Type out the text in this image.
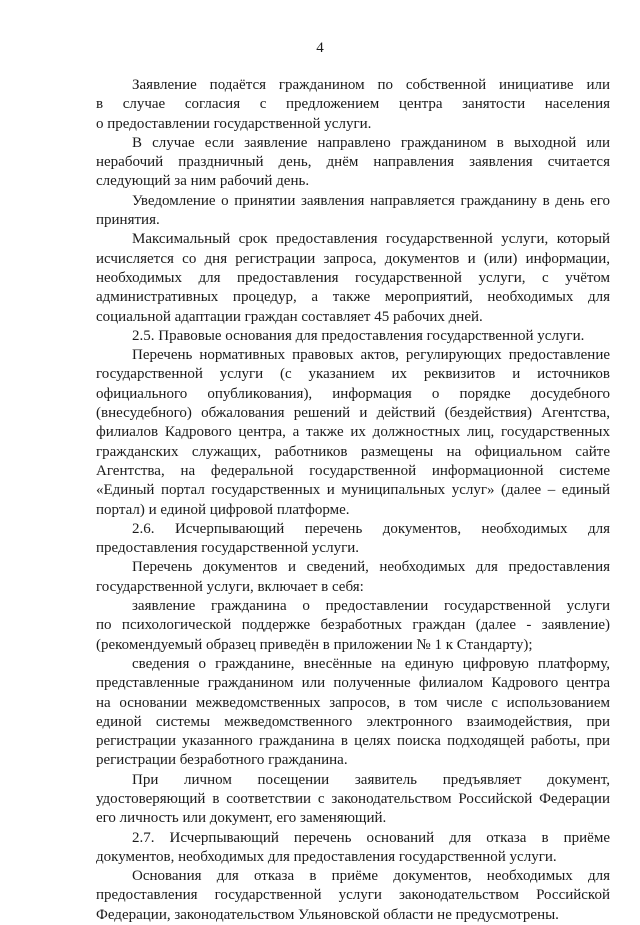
4
Заявление подаётся гражданином по собственной инициативе или
в случае согласия с предложением центра занятости населения
о предоставлении государственной услуги.
В случае если заявление направлено гражданином в выходной или
нерабочий праздничный день, днём направления заявления считается
следующий за ним рабочий день.
Уведомление о принятии заявления направляется гражданину в день его
принятия.
Максимальный срок предоставления государственной услуги, который
исчисляется со дня регистрации запроса, документов и (или) информации,
необходимых для предоставления государственной услуги, с учётом
административных процедур, а также мероприятий, необходимых для
социальной адаптации граждан составляет 45 рабочих дней.
2.5. Правовые основания для предоставления государственной услуги.
Перечень нормативных правовых актов, регулирующих предоставление
государственной услуги (с указанием их реквизитов и источников
официального опубликования), информация о порядке досудебного
(внесудебного) обжалования решений и действий (бездействия) Агентства,
филиалов Кадрового центра, а также их должностных лиц, государственных
гражданских служащих, работников размещены на официальном сайте
Агентства, на федеральной государственной информационной системе
«Единый портал государственных и муниципальных услуг» (далее – единый
портал) и единой цифровой платформе.
2.6. Исчерпывающий перечень документов, необходимых для
предоставления государственной услуги.
Перечень документов и сведений, необходимых для предоставления
государственной услуги, включает в себя:
заявление гражданина о предоставлении государственной услуги
по психологической поддержке безработных граждан (далее - заявление)
(рекомендуемый образец приведён в приложении № 1 к Стандарту);
сведения о гражданине, внесённые на единую цифровую платформу,
представленные гражданином или полученные филиалом Кадрового центра
на основании межведомственных запросов, в том числе с использованием
единой системы межведомственного электронного взаимодействия, при
регистрации указанного гражданина в целях поиска подходящей работы, при
регистрации безработного гражданина.
При личном посещении заявитель предъявляет документ,
удостоверяющий в соответствии с законодательством Российской Федерации
его личность или документ, его заменяющий.
2.7. Исчерпывающий перечень оснований для отказа в приёме
документов, необходимых для предоставления государственной услуги.
Основания для отказа в приёме документов, необходимых для
предоставления государственной услуги законодательством Российской
Федерации, законодательством Ульяновской области не предусмотрены.
